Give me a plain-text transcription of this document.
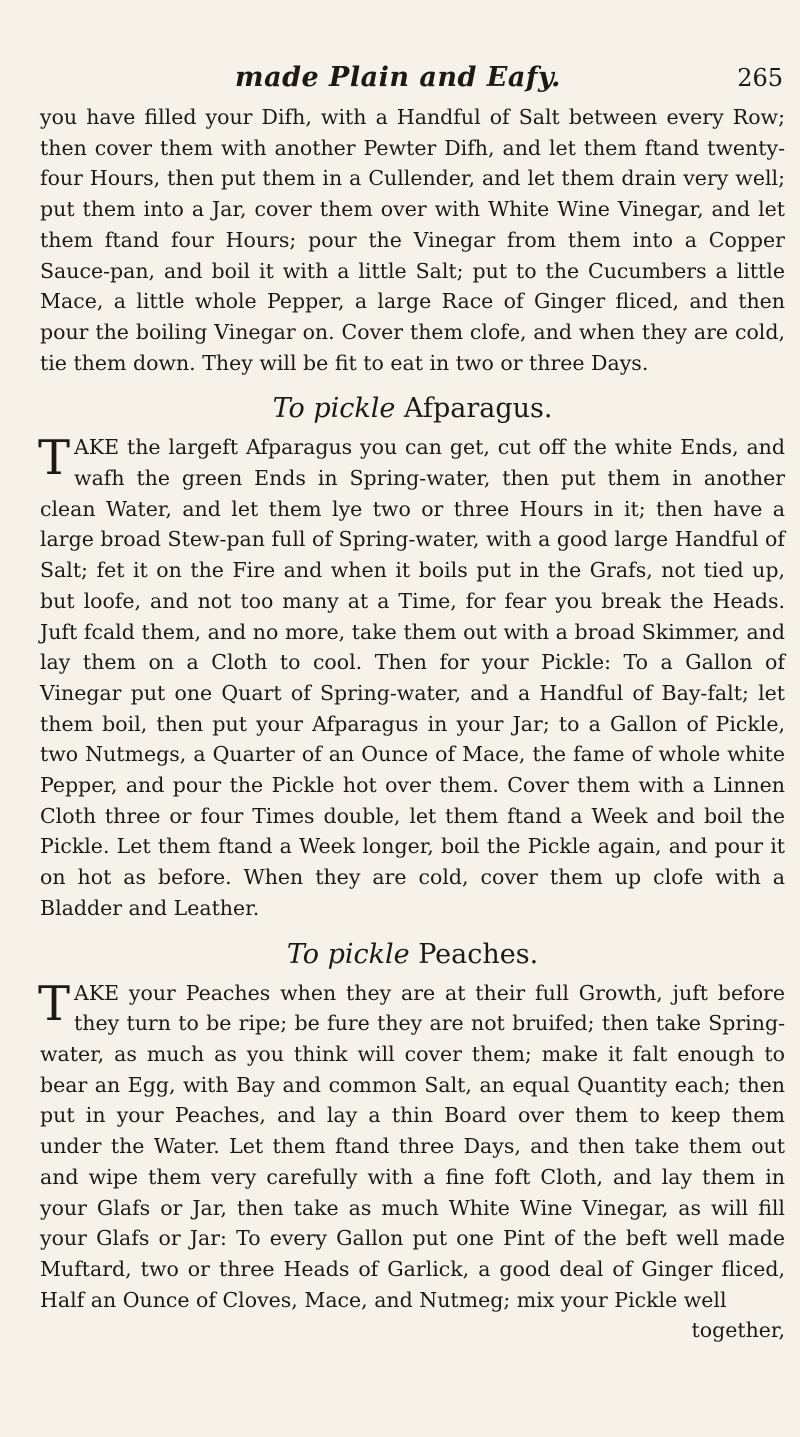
made Plain and Eafy.	265

you have filled your Difh, with a Handful of Salt between every Row; then cover them with another Pewter Difh, and let them ftand twenty-four Hours, then put them in a Cullender, and let them drain very well; put them into a Jar, cover them over with White Wine Vinegar, and let them ftand four Hours; pour the Vinegar from them into a Copper Sauce-pan, and boil it with a little Salt; put to the Cucumbers a little Mace, a little whole Pepper, a large Race of Ginger fliced, and then pour the boiling Vinegar on. Cover them clofe, and when they are cold, tie them down. They will be fit to eat in two or three Days.

To pickle Afparagus.

TAKE the largeft Afparagus you can get, cut off the white Ends, and wafh the green Ends in Spring-water, then put them in another clean Water, and let them lye two or three Hours in it; then have a large broad Stew-pan full of Spring-water, with a good large Handful of Salt; fet it on the Fire and when it boils put in the Grafs, not tied up, but loofe, and not too many at a Time, for fear you break the Heads. Juft fcald them, and no more, take them out with a broad Skimmer, and lay them on a Cloth to cool. Then for your Pickle: To a Gallon of Vinegar put one Quart of Spring-water, and a Handful of Bay-falt; let them boil, then put your Afparagus in your Jar; to a Gallon of Pickle, two Nutmegs, a Quarter of an Ounce of Mace, the fame of whole white Pepper, and pour the Pickle hot over them. Cover them with a Linnen Cloth three or four Times double, let them ftand a Week and boil the Pickle. Let them ftand a Week longer, boil the Pickle again, and pour it on hot as before. When they are cold, cover them up clofe with a Bladder and Leather.

To pickle Peaches.

TAKE your Peaches when they are at their full Growth, juft before they turn to be ripe; be fure they are not bruifed; then take Spring-water, as much as you think will cover them; make it falt enough to bear an Egg, with Bay and common Salt, an equal Quantity each; then put in your Peaches, and lay a thin Board over them to keep them under the Water. Let them ftand three Days, and then take them out and wipe them very carefully with a fine foft Cloth, and lay them in your Glafs or Jar, then take as much White Wine Vinegar, as will fill your Glafs or Jar: To every Gallon put one Pint of the beft well made Muftard, two or three Heads of Garlick, a good deal of Ginger fliced, Half an Ounce of Cloves, Mace, and Nutmeg; mix your Pickle well

together,
